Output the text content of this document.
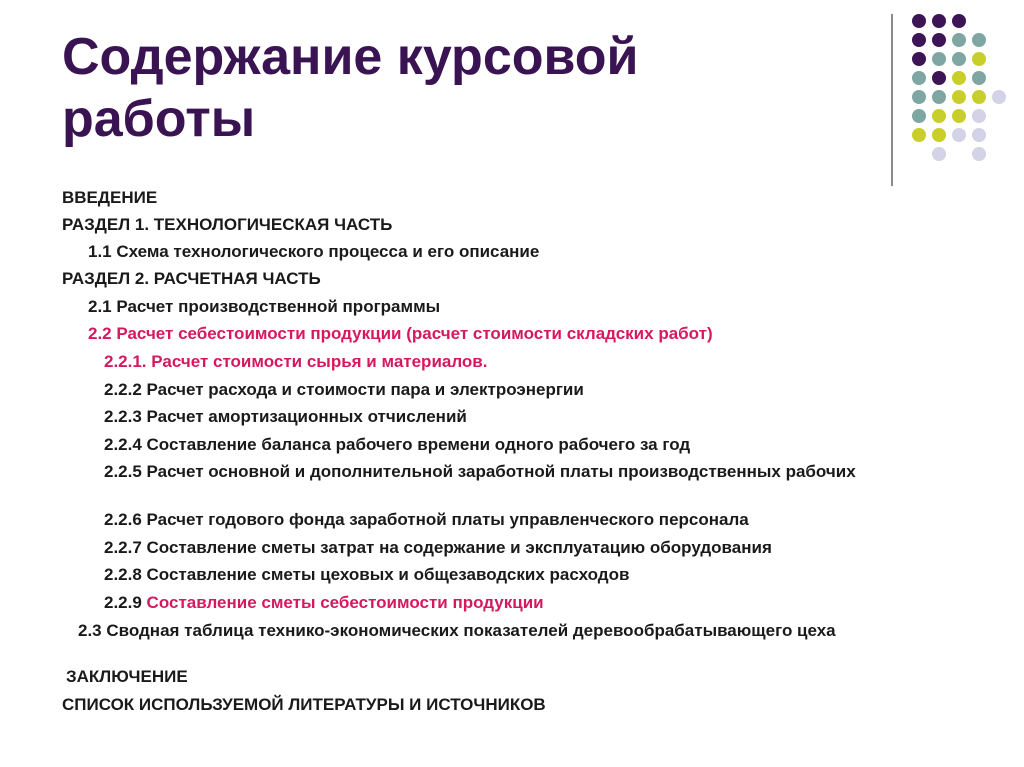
Содержание курсовой
работы
ВВЕДЕНИЕ
РАЗДЕЛ 1. ТЕХНОЛОГИЧЕСКАЯ ЧАСТЬ
1.1 Схема технологического процесса и его описание
РАЗДЕЛ 2. РАСЧЕТНАЯ ЧАСТЬ
2.1 Расчет производственной программы
2.2 Расчет себестоимости продукции (расчет стоимости складских работ)
2.2.1. Расчет стоимости сырья и материалов.
2.2.2 Расчет расхода и стоимости пара и электроэнергии
2.2.3 Расчет амортизационных отчислений
2.2.4 Составление баланса рабочего времени одного рабочего за год
2.2.5 Расчет основной и дополнительной заработной платы производственных рабочих
2.2.6 Расчет годового фонда заработной платы управленческого персонала
2.2.7 Составление сметы затрат на содержание и эксплуатацию оборудования
2.2.8 Составление сметы цеховых и общезаводских расходов
2.2.9 Составление сметы себестоимости продукции
2.3 Сводная таблица технико-экономических показателей деревообрабатывающего цеха
ЗАКЛЮЧЕНИЕ
СПИСОК ИСПОЛЬЗУЕМОЙ ЛИТЕРАТУРЫ И ИСТОЧНИКОВ
